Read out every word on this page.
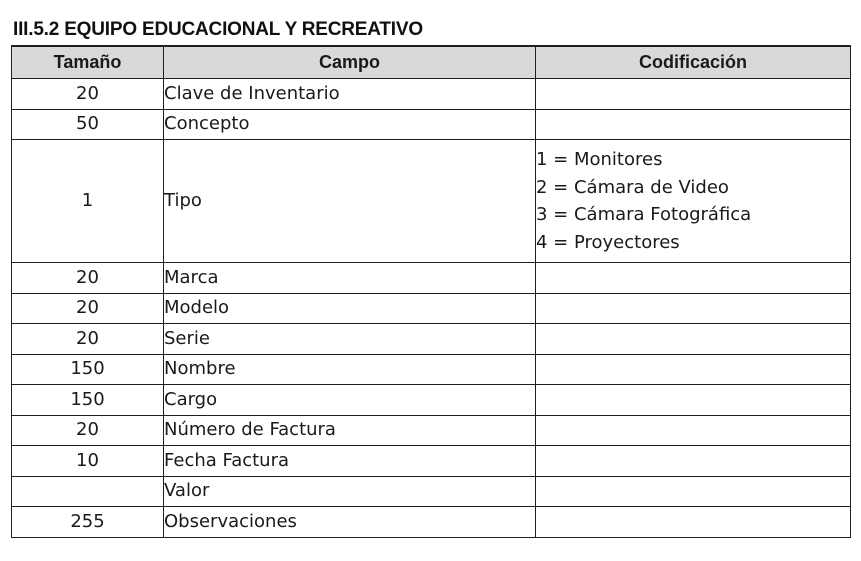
III.5.2 EQUIPO EDUCACIONAL Y RECREATIVO
Tamaño	Campo	Codificación
20	Clave de Inventario	
50	Concepto	
1	Tipo	1 = Monitores
2 = Cámara de Video
3 = Cámara Fotográfica
4 = Proyectores

20	Marca	
20	Modelo	
20	Serie	
150	Nombre	
150	Cargo	
20	Número de Factura	
10	Fecha Factura	
	Valor	
255	Observaciones	
